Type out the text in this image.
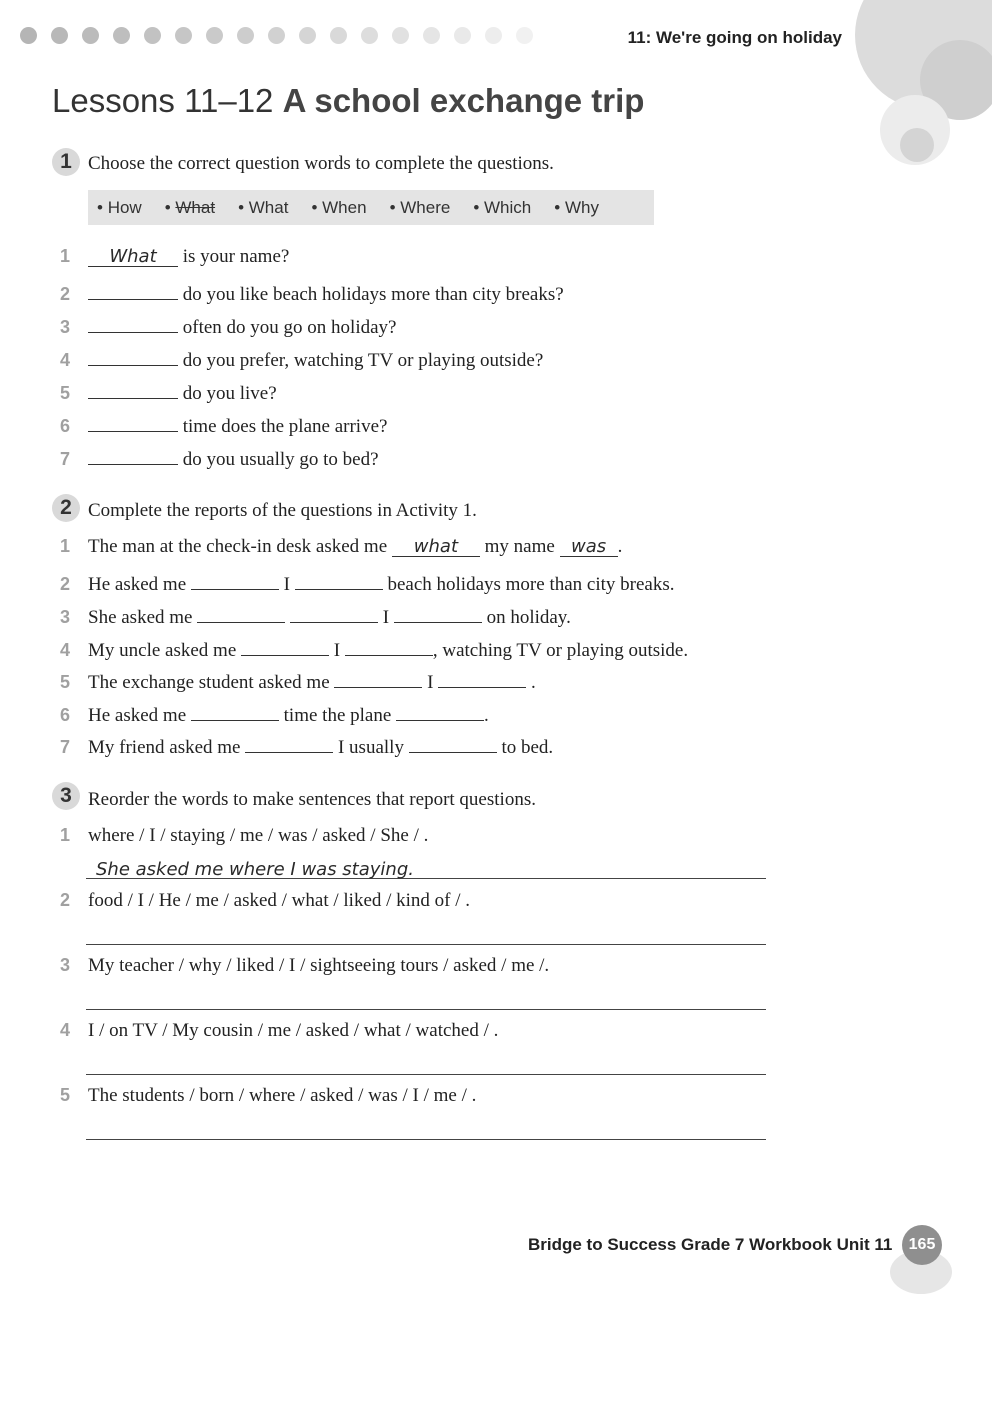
11: We're going on holiday
Lessons 11–12 A school exchange trip
1 Choose the correct question words to complete the questions.
• How • What • What • When • Where • Which • Why
1 What is your name?
2	do you like beach holidays more than city breaks?
3	often do you go on holiday?
4	do you prefer, watching TV or playing outside?
5	do you live?
6	time does the plane arrive?
7	do you usually go to bed?
2 Complete the reports of the questions in Activity 1.
1 The man at the check-in desk asked me what my name was .
2 He asked me	I	beach holidays more than city breaks.
3 She asked me	I	on holiday.
4 My uncle asked me	I	, watching TV or playing outside.
5 The exchange student asked me	I	.
6 He asked me	time the plane	.
7 My friend asked me	I usually	to bed.
3 Reorder the words to make sentences that report questions.
1 where / I / staying / me / was / asked / She / .
She asked me where I was staying.
2 food / I / He / me / asked / what / liked / kind of / .
3 My teacher / why / liked / I / sightseeing tours / asked / me /.
4 I / on TV / My cousin / me / asked / what / watched / .
5 The students / born / where / asked / was / I / me / .
Bridge to Success Grade 7 Workbook Unit 11	165
